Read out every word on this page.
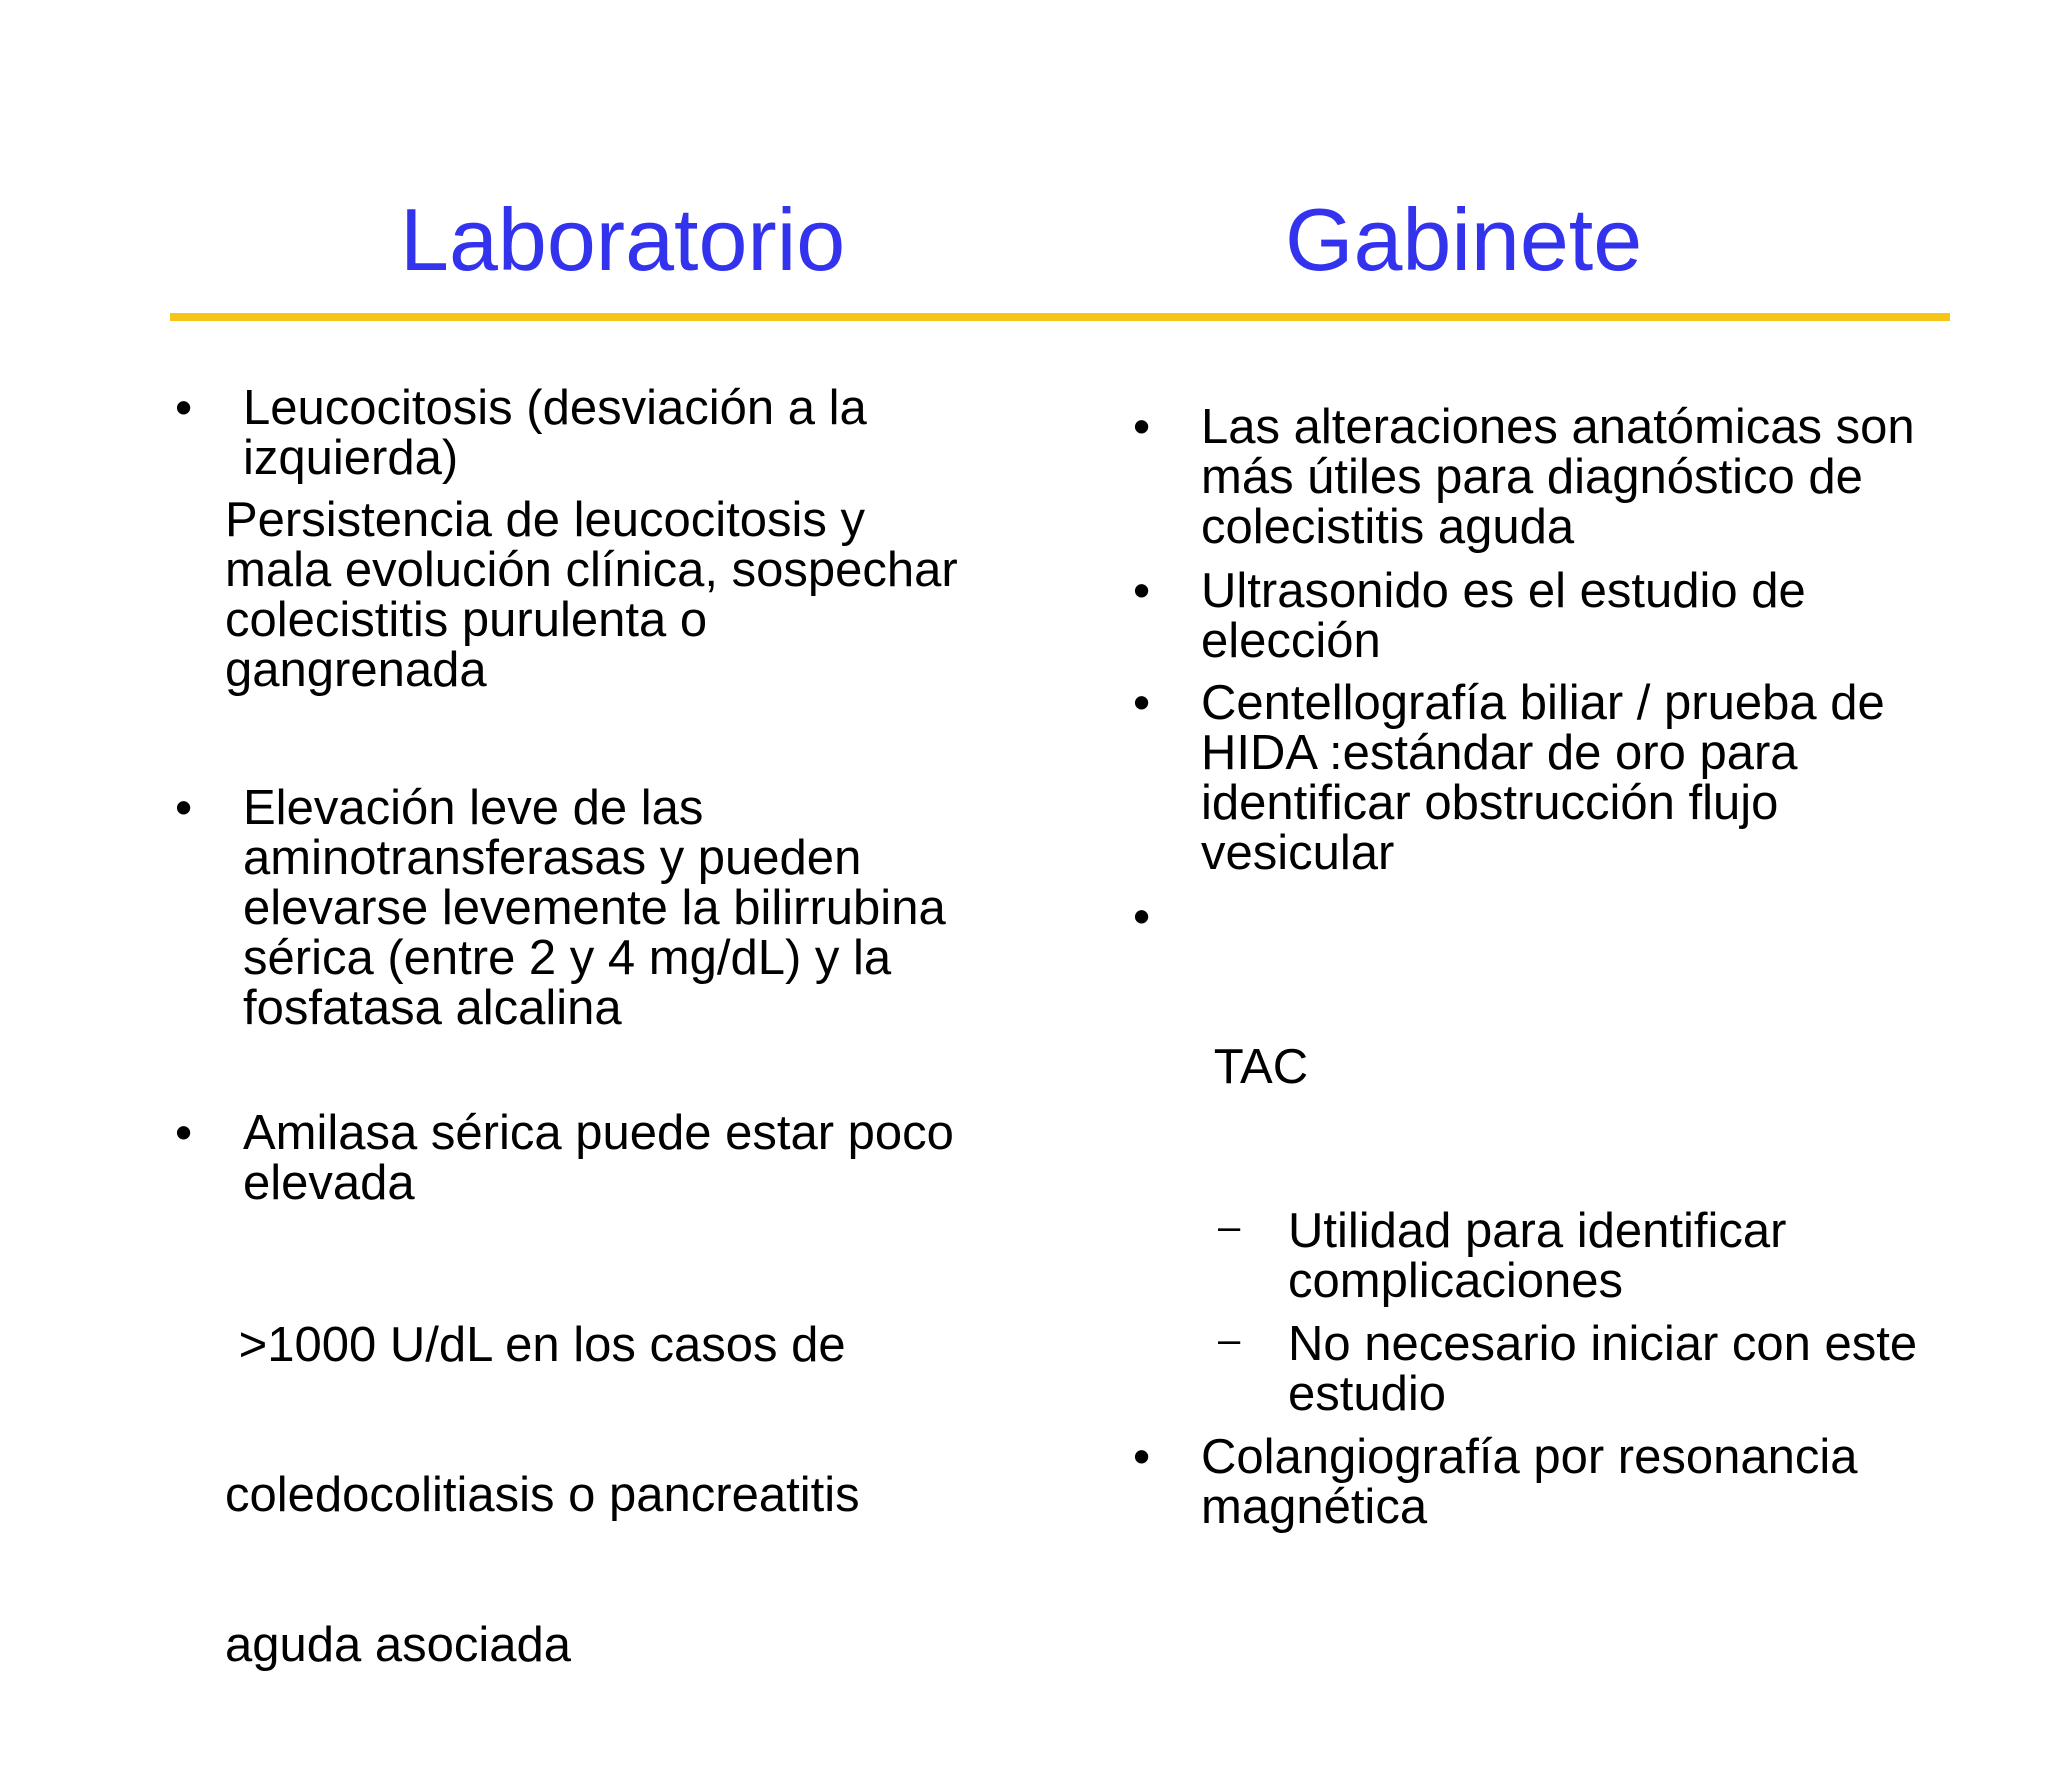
Laboratorio	Gabinete
•	Leucocitosis (desviación a la
izquierda)
Persistencia de leucocitosis y
mala evolución clínica, sospechar
colecistitis purulenta o
gangrenada
•	Elevación leve de las
aminotransferasas y pueden
elevarse levemente la bilirrubina
sérica (entre 2 y 4 mg/dL) y la
fosfatasa alcalina
•	Amilasa sérica puede estar poco
elevada

>1000 U/dL en los casos de

coledocolitiasis o pancreatitis

aguda asociada

•	Las alteraciones anatómicas son
más útiles para diagnóstico de
colecistitis aguda
•	Ultrasonido es el estudio de
elección
•	Centellografía biliar / prueba de
HIDA :estándar de oro para
identificar obstrucción flujo
vesicular

•

TAC

– Utilidad para identificar
complicaciones
– No necesario iniciar con este
estudio
•	Colangiografía por resonancia
magnética
